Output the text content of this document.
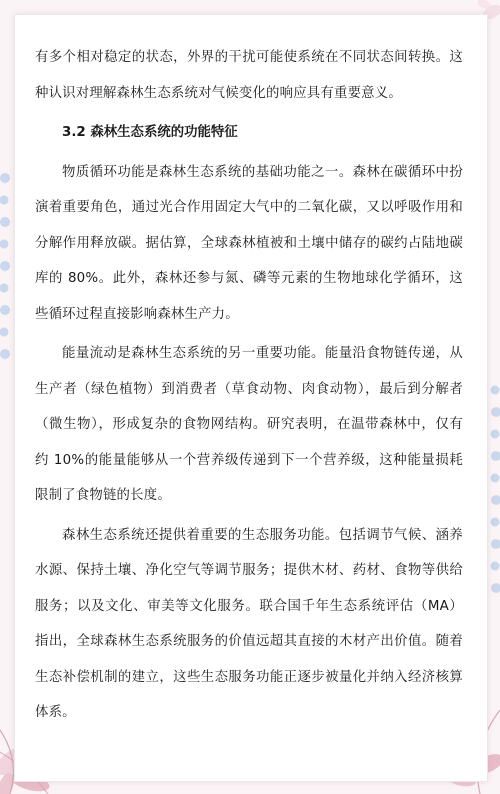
有多个相对稳定的状态，外界的干扰可能使系统在不同状态间转换。这种认识对理解森林生态系统对气候变化的响应具有重要意义。

3.2 森林生态系统的功能特征

物质循环功能是森林生态系统的基础功能之一。森林在碳循环中扮演着重要角色，通过光合作用固定大气中的二氧化碳，又以呼吸作用和分解作用释放碳。据估算，全球森林植被和土壤中储存的碳约占陆地碳库的 80%。此外，森林还参与氮、磷等元素的生物地球化学循环，这些循环过程直接影响森林生产力。

能量流动是森林生态系统的另一重要功能。能量沿食物链传递，从生产者（绿色植物）到消费者（草食动物、肉食动物），最后到分解者（微生物），形成复杂的食物网结构。研究表明，在温带森林中，仅有约 10%的能量能够从一个营养级传递到下一个营养级，这种能量损耗限制了食物链的长度。

森林生态系统还提供着重要的生态服务功能。包括调节气候、涵养水源、保持土壤、净化空气等调节服务；提供木材、药材、食物等供给服务；以及文化、审美等文化服务。联合国千年生态系统评估（MA）指出，全球森林生态系统服务的价值远超其直接的木材产出价值。随着生态补偿机制的建立，这些生态服务功能正逐步被量化并纳入经济核算体系。
